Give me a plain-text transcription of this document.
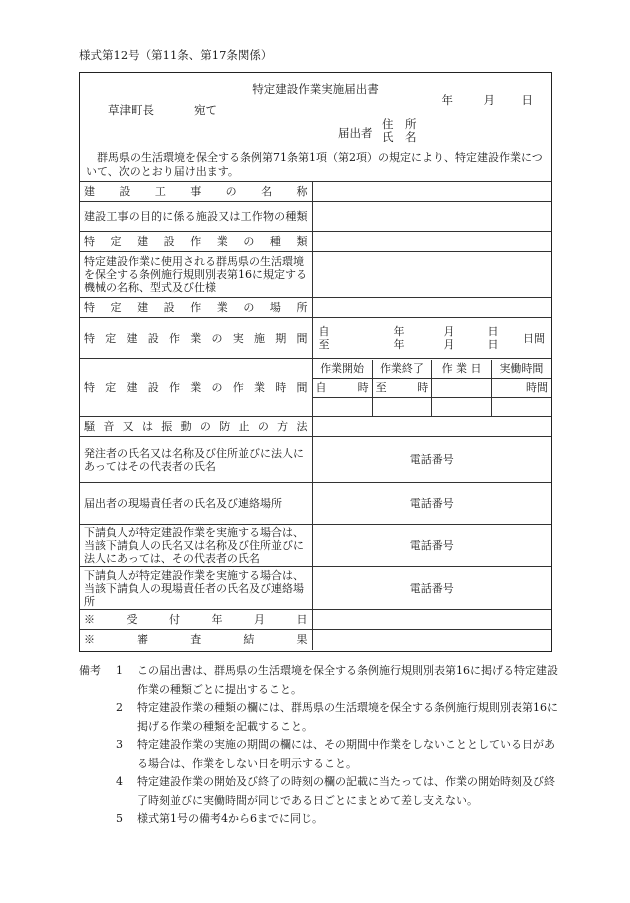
様式第12号（第11条、第17条関係）
特定建設作業実施届出書
年	月 日
草津町長	宛て
届出者
住　所
氏　名
群馬県の生活環境を保全する条例第71条第1項（第2項）の規定により、特定建設作業について、次のとおり届け出ます。
建設工事の名称	
建設工事の目的に係る施設又は工作物の種類	
特定建設作業の種類	
特定建設作業に使用される群馬県の生活環境を保全する条例施行規則別表第16に規定する機械の名称、型式及び仕様	
特定建設作業の場所	
特定建設作業の実施期間	自	年	月	日	日間
至	年	月	日

特定建設作業の作業時間	
作業開始	作業終了	作 業 日	実働時間
自	時	至	時		時間

騒音又は振動の防止の方法	
発注者の氏名又は名称及び住所並びに法人にあってはその代表者の氏名	電話番号
届出者の現場責任者の氏名及び連絡場所	電話番号
下請負人が特定建設作業を実施する場合は、当該下請負人の氏名又は名称及び住所並びに法人にあっては、その代表者の氏名	電話番号
下請負人が特定建設作業を実施する場合は、当該下請負人の現場責任者の氏名及び連絡場所	電話番号
※受付年月日	
※審査結果	
備考 1	この届出書は、群馬県の生活環境を保全する条例施行規則別表第16に掲げる特定建設作業の種類ごとに提出すること。
2	特定建設作業の種類の欄には、群馬県の生活環境を保全する条例施行規則別表第16に掲げる作業の種類を記載すること。
3	特定建設作業の実施の期間の欄には、その期間中作業をしないこととしている日がある場合は、作業をしない日を明示すること。
4	特定建設作業の開始及び終了の時刻の欄の記載に当たっては、作業の開始時刻及び終了時刻並びに実働時間が同じである日ごとにまとめて差し支えない。
5	様式第1号の備考4から6までに同じ。
